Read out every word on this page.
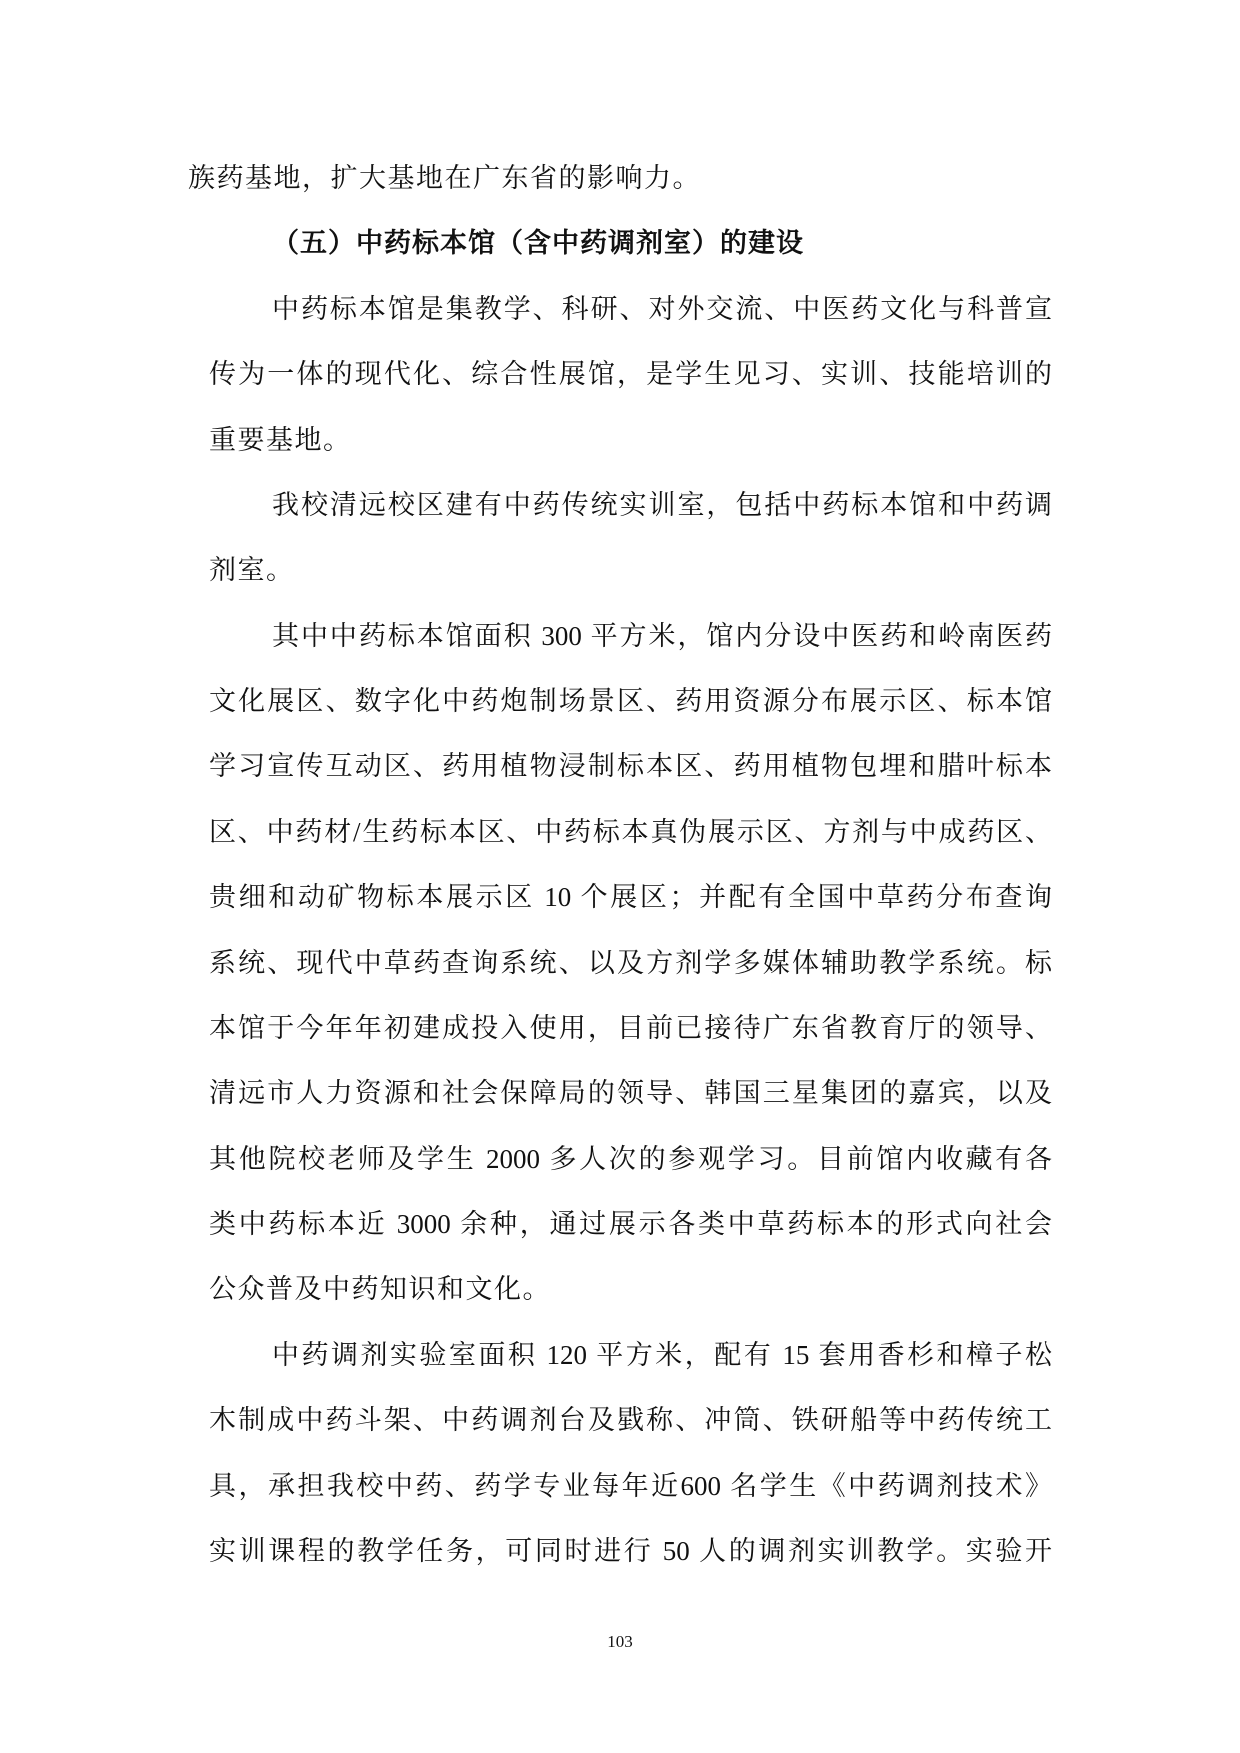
族药基地，扩大基地在广东省的影响力。
（五）中药标本馆（含中药调剂室）的建设
中药标本馆是集教学、科研、对外交流、中医药文化与科普宣
传为一体的现代化、综合性展馆，是学生见习、实训、技能培训的
重要基地。
我校清远校区建有中药传统实训室，包括中药标本馆和中药调
剂室。
其中中药标本馆面积 300 平方米，馆内分设中医药和岭南医药
文化展区、数字化中药炮制场景区、药用资源分布展示区、标本馆
学习宣传互动区、药用植物浸制标本区、药用植物包埋和腊叶标本
区、中药材/生药标本区、中药标本真伪展示区、方剂与中成药区、
贵细和动矿物标本展示区 10 个展区；并配有全国中草药分布查询
系统、现代中草药查询系统、以及方剂学多媒体辅助教学系统。标
本馆于今年年初建成投入使用，目前已接待广东省教育厅的领导、
清远市人力资源和社会保障局的领导、韩国三星集团的嘉宾，以及
其他院校老师及学生 2000 多人次的参观学习。目前馆内收藏有各
类中药标本近 3000 余种，通过展示各类中草药标本的形式向社会
公众普及中药知识和文化。
中药调剂实验室面积 120 平方米，配有 15 套用香杉和樟子松
木制成中药斗架、中药调剂台及戥称、冲筒、铁研船等中药传统工
具，承担我校中药、药学专业每年近600 名学生《中药调剂技术》
实训课程的教学任务，可同时进行 50 人的调剂实训教学。实验开
103
